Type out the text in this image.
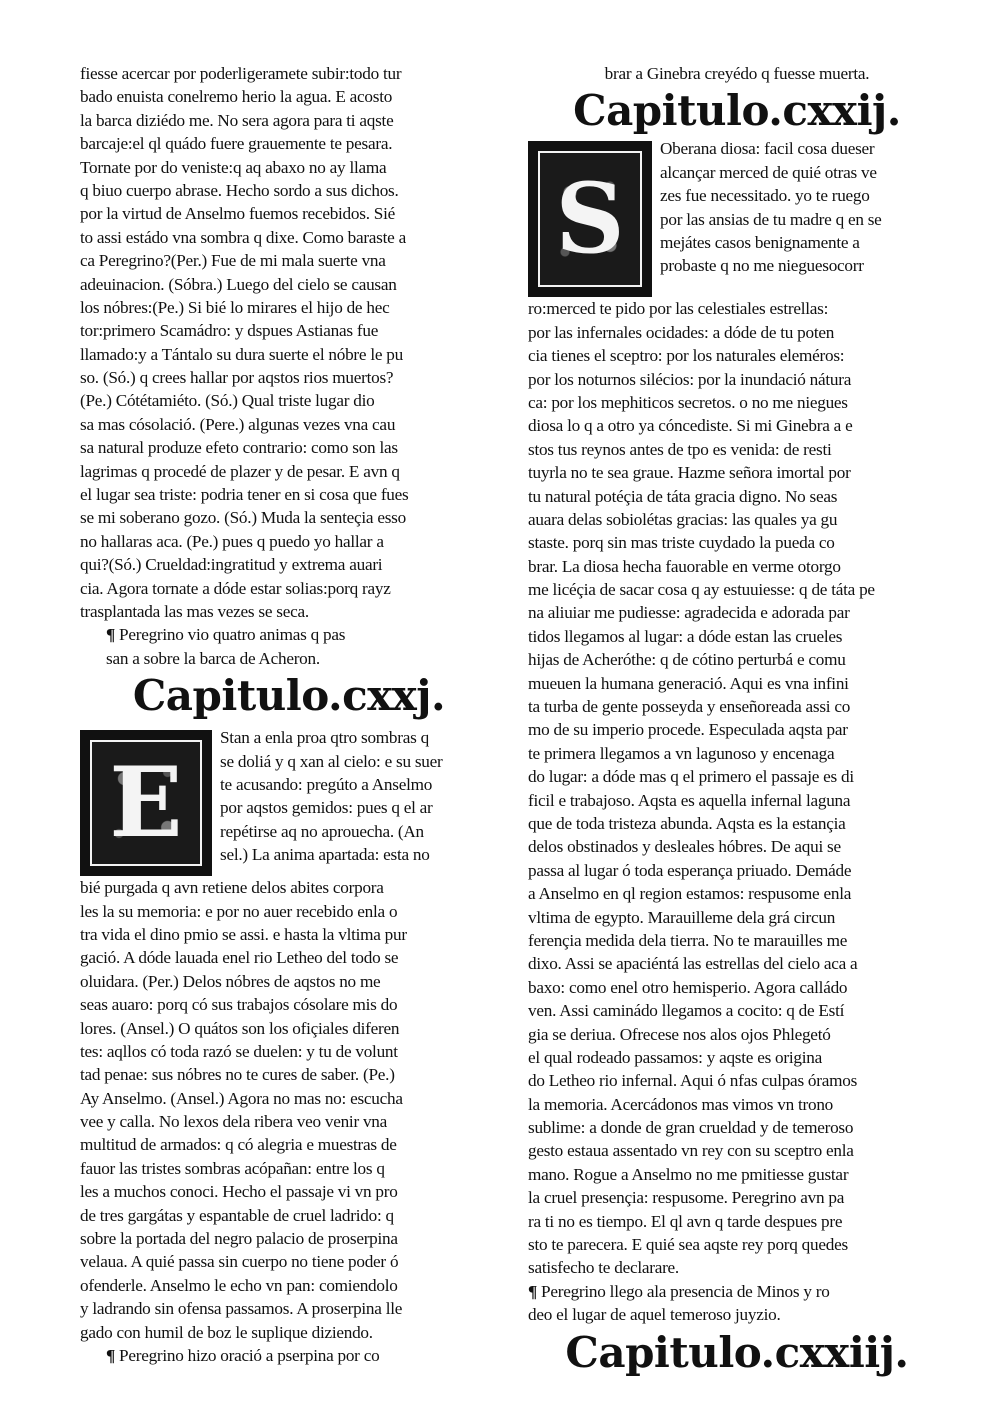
fiesse acercar por poderligeramete subir:todo tur
bado enuista conelremo herio la agua. E acosto
la barca diziédo me. No sera agora para ti aqste
barcaje:el ql quádo fuere grauemente te pesara.
Tornate por do veniste:q aq abaxo no ay llama
q biuo cuerpo abrase. Hecho sordo a sus dichos.
por la virtud de Anselmo fuemos recebidos. Sié
to assi estádo vna sombra q dixe. Como baraste a
ca Peregrino?(Per.) Fue de mi mala suerte vna
adeuinacion. (Sóbra.) Luego del cielo se causan
los nóbres:(Pe.) Si bié lo mirares el hijo de hec
tor:primero Scamádro: y dspues Astianas fue
llamado:y a Tántalo su dura suerte el nóbre le pu
so. (Só.) q crees hallar por aqstos rios muertos?
(Pe.) Cótétamiéto. (Só.) Qual triste lugar dio
sa mas cósolació. (Pere.) algunas vezes vna cau
sa natural produze efeto contrario: como son las
lagrimas q procedé de plazer y de pesar. E avn q
el lugar sea triste: podria tener en si cosa que fues
se mi soberano gozo. (Só.) Muda la senteçia esso
no hallaras aca. (Pe.) pues q puedo yo hallar a
qui?(Só.) Crueldad:ingratitud y extrema auari
cia. Agora tornate a dóde estar solias:porq rayz
trasplantada las mas vezes se seca.
¶ Peregrino vio quatro animas q pas
san a sobre la barca de Acheron.
Capitulo.cxxj.
E
Stan a enla proa qtro sombras q
se doliá y q xan al cielo: e su suer
te acusando: pregúto a Anselmo
por aqstos gemidos: pues q el ar
repétirse aq no aprouecha. (An
sel.) La anima apartada: esta no
bié purgada q avn retiene delos abites corpora
les la su memoria: e por no auer recebido enla o
tra vida el dino pmio se assi. e hasta la vltima pur
gació. A dóde lauada enel rio Letheo del todo se
oluidara. (Per.) Delos nóbres de aqstos no me
seas auaro: porq có sus trabajos cósolare mis do
lores. (Ansel.) O quátos son los ofiçiales diferen
tes: aqllos có toda razó se duelen: y tu de volunt
tad penae: sus nóbres no te cures de saber. (Pe.)
Ay Anselmo. (Ansel.) Agora no mas no: escucha
vee y calla. No lexos dela ribera veo venir vna
multitud de armados: q có alegria e muestras de
fauor las tristes sombras acópañan: entre los q
les a muchos conoci. Hecho el passaje vi vn pro
de tres gargátas y espantable de cruel ladrido: q
sobre la portada del negro palacio de proserpina
velaua. A quié passa sin cuerpo no tiene poder ó
ofenderle. Anselmo le echo vn pan: comiendolo
y ladrando sin ofensa passamos. A proserpina lle
gado con humil de boz le suplique diziendo.
¶ Peregrino hizo oració a pserpina por co
brar a Ginebra creyédo q fuesse muerta.
Capitulo.cxxij.
S
Oberana diosa: facil cosa dueser
alcançar merced de quié otras ve
zes fue necessitado. yo te ruego
por las ansias de tu madre q en se
mejátes casos benignamente a
probaste q no me nieguesocorr
ro:merced te pido por las celestiales estrellas:
por las infernales ocidades: a dóde de tu poten
cia tienes el sceptro: por los naturales eleméros:
por los noturnos silécios: por la inundació nátura
ca: por los mephiticos secretos. o no me niegues
diosa lo q a otro ya cóncediste. Si mi Ginebra a e
stos tus reynos antes de tpo es venida: de resti
tuyrla no te sea graue. Hazme señora imortal por
tu natural potéçia de táta gracia digno. No seas
auara delas sobiolétas gracias: las quales ya gu
staste. porq sin mas triste cuydado la pueda co
brar. La diosa hecha fauorable en verme otorgo
me licéçia de sacar cosa q ay estuuiesse: q de táta pe
na aliuiar me pudiesse: agradecida e adorada par
tidos llegamos al lugar: a dóde estan las crueles
hijas de Acheróthe: q de cótino perturbá e comu
mueuen la humana generació. Aqui es vna infini
ta turba de gente posseyda y enseñoreada assi co
mo de su imperio procede. Especulada aqsta par
te primera llegamos a vn lagunoso y encenaga
do lugar: a dóde mas q el primero el passaje es di
ficil e trabajoso. Aqsta es aquella infernal laguna
que de toda tristeza abunda. Aqsta es la estançia
delos obstinados y desleales hóbres. De aqui se
passa al lugar ó toda esperança priuado. Demáde
a Anselmo en ql region estamos: respusome enla
vltima de egypto. Marauilleme dela grá circun
ferençia medida dela tierra. No te marauilles me
dixo. Assi se apaciéntá las estrellas del cielo aca a
baxo: como enel otro hemisperio. Agora calládo
ven. Assi caminádo llegamos a cocito: q de Estí
gia se deriua. Ofrecese nos alos ojos Phlegetó
el qual rodeado passamos: y aqste es origina
do Letheo rio infernal. Aqui ó nfas culpas óramos
la memoria. Acercádonos mas vimos vn trono
sublime: a donde de gran crueldad y de temeroso
gesto estaua assentado vn rey con su sceptro enla
mano. Rogue a Anselmo no me pmitiesse gustar
la cruel presençia: respusome. Peregrino avn pa
ra ti no es tiempo. El ql avn q tarde despues pre
sto te parecera. E quié sea aqste rey porq quedes
satisfecho te declarare.
¶ Peregrino llego ala presencia de Minos y ro
deo el lugar de aquel temeroso juyzio.
Capitulo.cxxiij.
